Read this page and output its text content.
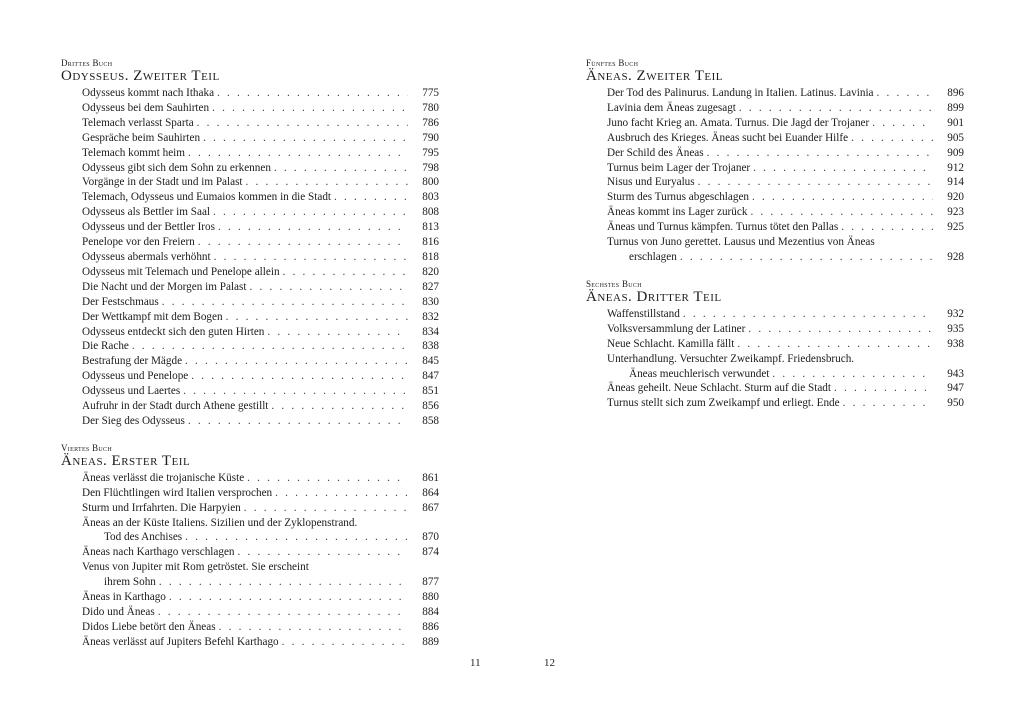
Drittes Buch
Odysseus. Zweiter Teil
Odysseus kommt nach Ithaka . . .	775
Odysseus bei dem Sauhirten . . .	780
Telemach verlasst Sparta . . .	786
Gespräche beim Sauhirten . . .	790
Telemach kommt heim . . .	795
Odysseus gibt sich dem Sohn zu erkennen . . .	798
Vorgänge in der Stadt und im Palast . . .	800
Telemach, Odysseus und Eumaios kommen in die Stadt . . .	803
Odysseus als Bettler im Saal . . .	808
Odysseus und der Bettler Iros . . .	813
Penelope vor den Freiern . . .	816
Odysseus abermals verhöhnt . . .	818
Odysseus mit Telemach und Penelope allein . . .	820
Die Nacht und der Morgen im Palast . . .	827
Der Festschmaus . . .	830
Der Wettkampf mit dem Bogen . . .	832
Odysseus entdeckt sich den guten Hirten . . .	834
Die Rache . . .	838
Bestrafung der Mägde . . .	845
Odysseus und Penelope . . .	847
Odysseus und Laertes . . .	851
Aufruhr in der Stadt durch Athene gestillt . . .	856
Der Sieg des Odysseus . . .	858
Viertes Buch
Äneas. Erster Teil
Äneas verlässt die trojanische Küste . . .	861
Den Flüchtlingen wird Italien versprochen . . .	864
Sturm und Irrfahrten. Die Harpyien . . .	867
Äneas an der Küste Italiens. Sizilien und der Zyklopenstrand.
Tod des Anchises . . .	870
Äneas nach Karthago verschlagen . . .	874
Venus von Jupiter mit Rom getröstet. Sie erscheint
ihrem Sohn . . .	877
Äneas in Karthago . . .	880
Dido und Äneas . . .	884
Didos Liebe betört den Äneas . . .	886
Äneas verlässt auf Jupiters Befehl Karthago . . .	889
Fünftes Buch
Äneas. Zweiter Teil
Der Tod des Palinurus. Landung in Italien. Latinus. Lavinia . . .	896
Lavinia dem Äneas zugesagt . . .	899
Juno facht Krieg an. Amata. Turnus. Die Jagd der Trojaner . . .	901
Ausbruch des Krieges. Äneas sucht bei Euander Hilfe . . .	905
Der Schild des Äneas . . .	909
Turnus beim Lager der Trojaner . . .	912
Nisus und Euryalus . . .	914
Sturm des Turnus abgeschlagen . . .	920
Äneas kommt ins Lager zurück . . .	923
Äneas und Turnus kämpfen. Turnus tötet den Pallas . . .	925
Turnus von Juno gerettet. Lausus und Mezentius von Äneas
erschlagen . . .	928
Sechstes Buch
Äneas. Dritter Teil
Waffenstillstand . . .	932
Volksversammlung der Latiner . . .	935
Neue Schlacht. Kamilla fällt . . .	938
Unterhandlung. Versuchter Zweikampf. Friedensbruch.
Äneas meuchlerisch verwundet . . .	943
Äneas geheilt. Neue Schlacht. Sturm auf die Stadt . . .	947
Turnus stellt sich zum Zweikampf und erliegt. Ende . . .	950
11	12
